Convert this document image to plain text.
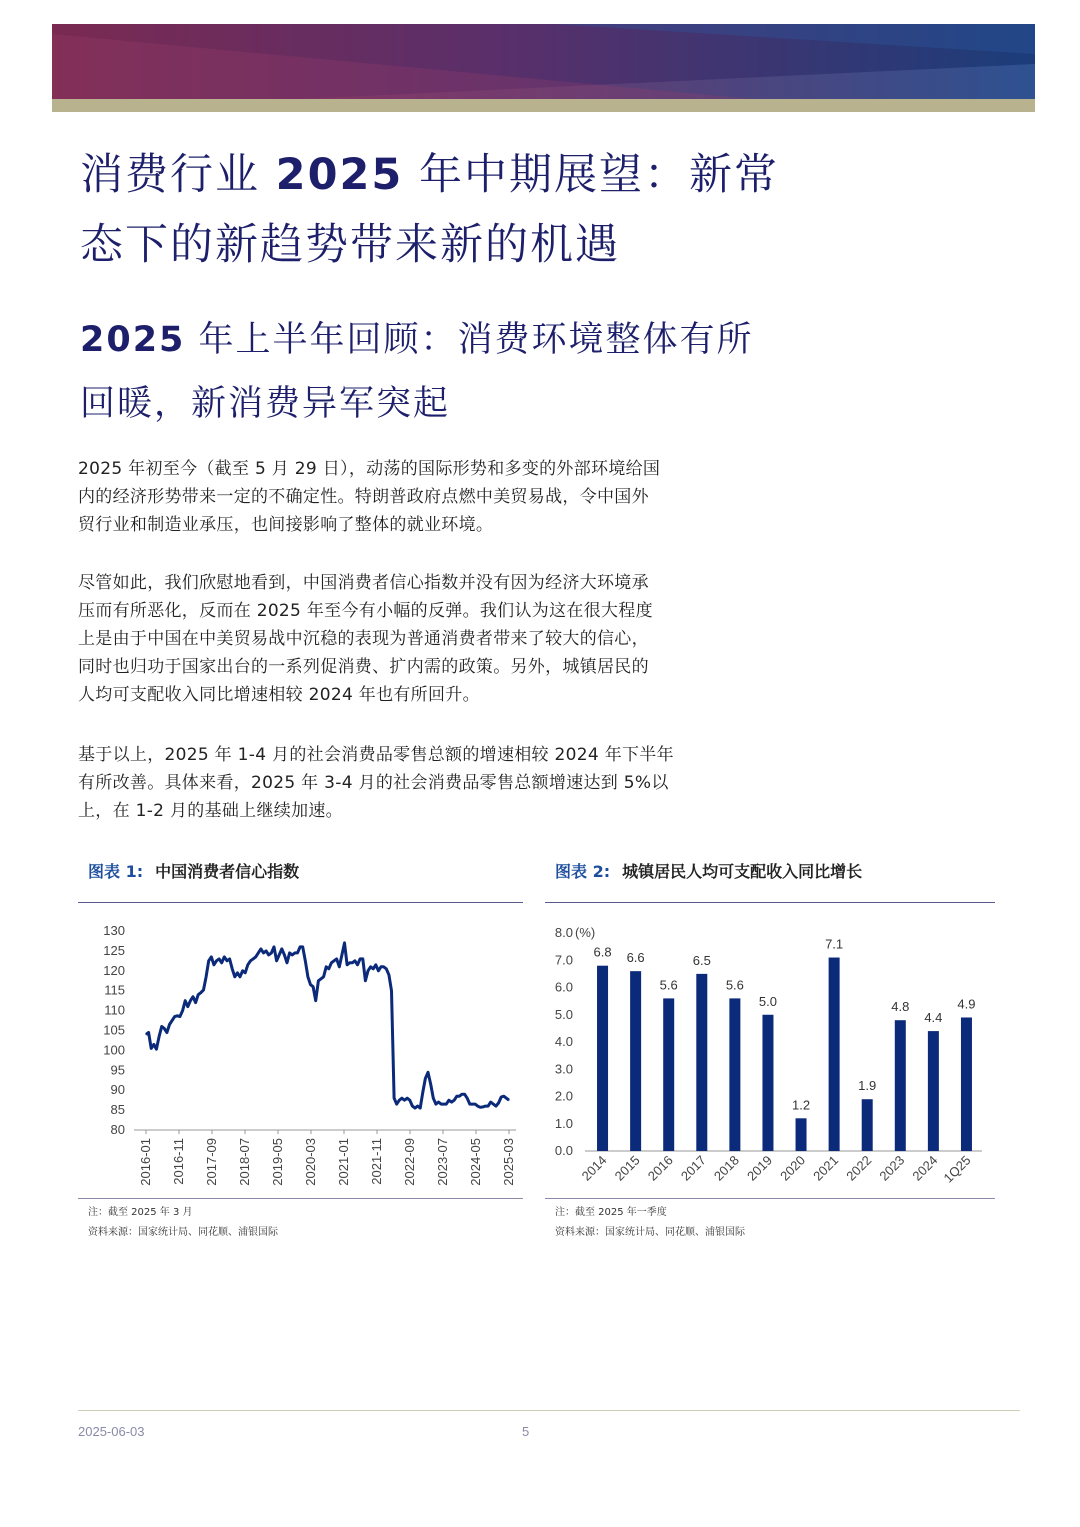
消费行业 2025 年中期展望：新常
态下的新趋势带来新的机遇
2025 年上半年回顾：消费环境整体有所
回暖，新消费异军突起

2025 年初至今（截至 5 月 29 日），动荡的国际形势和多变的外部环境给国
内的经济形势带来一定的不确定性。特朗普政府点燃中美贸易战，令中国外
贸行业和制造业承压，也间接影响了整体的就业环境。

尽管如此，我们欣慰地看到，中国消费者信心指数并没有因为经济大环境承
压而有所恶化，反而在 2025 年至今有小幅的反弹。我们认为这在很大程度
上是由于中国在中美贸易战中沉稳的表现为普通消费者带来了较大的信心，
同时也归功于国家出台的一系列促消费、扩内需的政策。另外，城镇居民的
人均可支配收入同比增速相较 2024 年也有所回升。

基于以上，2025 年 1-4 月的社会消费品零售总额的增速相较 2024 年下半年
有所改善。具体来看，2025 年 3-4 月的社会消费品零售总额增速达到 5%以
上，在 1-2 月的基础上继续加速。

图表 1: 中国消费者信心指数
80
85
90
95
100
105
110
115
120
125
130
2016-01 2016-11 2017-09 2018-07 2019-05 2020-03 2021-01 2021-11 2022-09 2023-07 2024-05 2025-03
注：截至 2025 年 3 月
资料来源：国家统计局、同花顺、浦银国际
图表 2: 城镇居民人均可支配收入同比增长
0.0
1.0
2.0
3.0
4.0
5.0
6.0
7.0
8.0 (%)
6.8
2014
6.6
2015
5.6
2016
6.5
2017
5.6
2018
5.0
2019
1.2
2020
7.1
2021
1.9
2022
4.8
2023
4.4
2024
4.9
1Q25
注：截至 2025 年一季度
资料来源：国家统计局、同花顺、浦银国际
2025-06-03	5
